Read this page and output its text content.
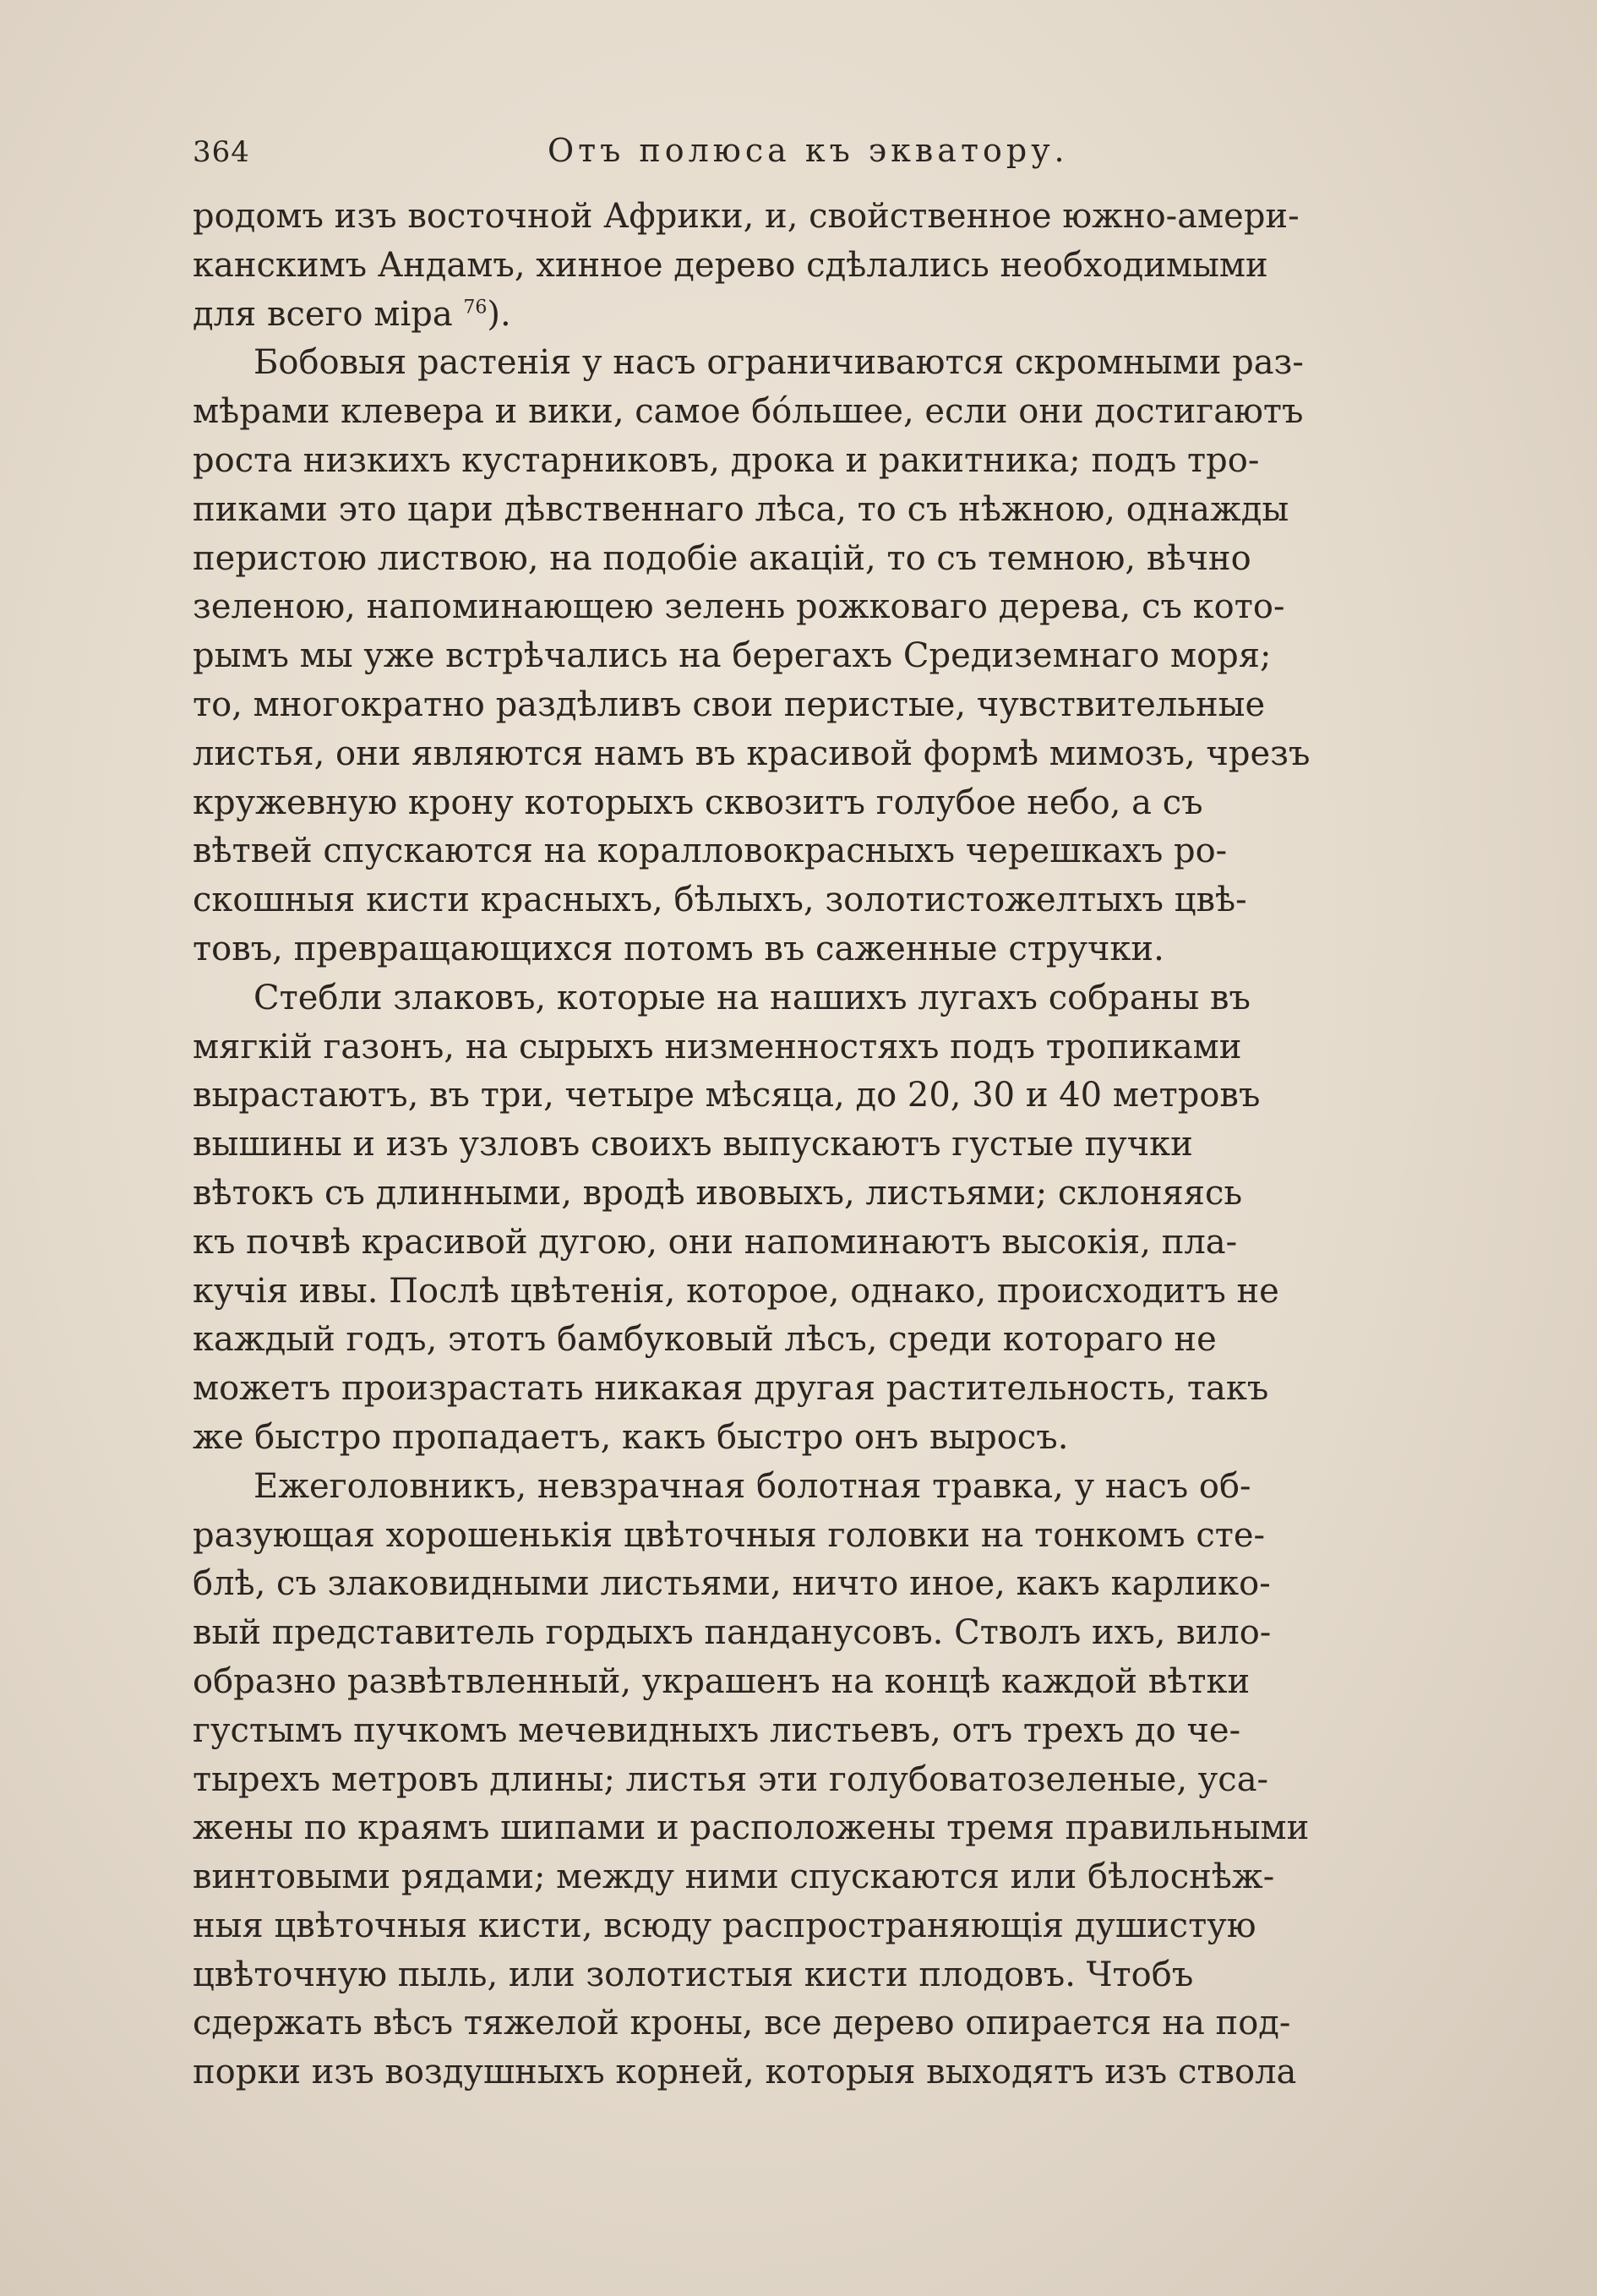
364	Отъ полюса къ экватору.
родомъ изъ восточной Африки, и, свойственное южно-амери-
канскимъ Андамъ, хинное дерево сдѣлались необходимыми
для всего міра $^{76}$).
Бобовыя растенія у насъ ограничиваются скромными раз-
мѣрами клевера и вики, самое бóльшее, если они достигаютъ
роста низкихъ кустарниковъ, дрока и ракитника; подъ тро-
пиками это цари дѣвственнаго лѣса, то съ нѣжною, однажды
перистою листвою, на подобіе акацій, то съ темною, вѣчно
зеленою, напоминающею зелень рожковаго дерева, съ кото-
рымъ мы уже встрѣчались на берегахъ Средиземнаго моря;
то, многократно раздѣливъ свои перистые, чувствительные
листья, они являются намъ въ красивой формѣ мимозъ, чрезъ
кружевную крону которыхъ сквозитъ голубое небо, а съ
вѣтвей спускаются на коралловокрасныхъ черешкахъ ро-
скошныя кисти красныхъ, бѣлыхъ, золотистожелтыхъ цвѣ-
товъ, превращающихся потомъ въ саженные стручки.
Стебли злаковъ, которые на нашихъ лугахъ собраны въ
мягкій газонъ, на сырыхъ низменностяхъ подъ тропиками
вырастаютъ, въ три, четыре мѣсяца, до 20, 30 и 40 метровъ
вышины и изъ узловъ своихъ выпускаютъ густые пучки
вѣтокъ съ длинными, вродѣ ивовыхъ, листьями; склоняясь
къ почвѣ красивой дугою, они напоминаютъ высокія, пла-
кучія ивы. Послѣ цвѣтенія, которое, однако, происходитъ не
каждый годъ, этотъ бамбуковый лѣсъ, среди котораго не
можетъ произрастать никакая другая растительность, такъ
же быстро пропадаетъ, какъ быстро онъ выросъ.
Ежеголовникъ, невзрачная болотная травка, у насъ об-
разующая хорошенькія цвѣточныя головки на тонкомъ сте-
блѣ, съ злаковидными листьями, ничто иное, какъ карлико-
вый представитель гордыхъ панданусовъ. Стволъ ихъ, вило-
образно развѣтвленный, украшенъ на концѣ каждой вѣтки
густымъ пучкомъ мечевидныхъ листьевъ, отъ трехъ до че-
тырехъ метровъ длины; листья эти голубоватозеленые, уса-
жены по краямъ шипами и расположены тремя правильными
винтовыми рядами; между ними спускаются или бѣлоснѣж-
ныя цвѣточныя кисти, всюду распространяющія душистую
цвѣточную пыль, или золотистыя кисти плодовъ. Чтобъ
сдержать вѣсъ тяжелой кроны, все дерево опирается на под-
порки изъ воздушныхъ корней, которыя выходятъ изъ ствола
